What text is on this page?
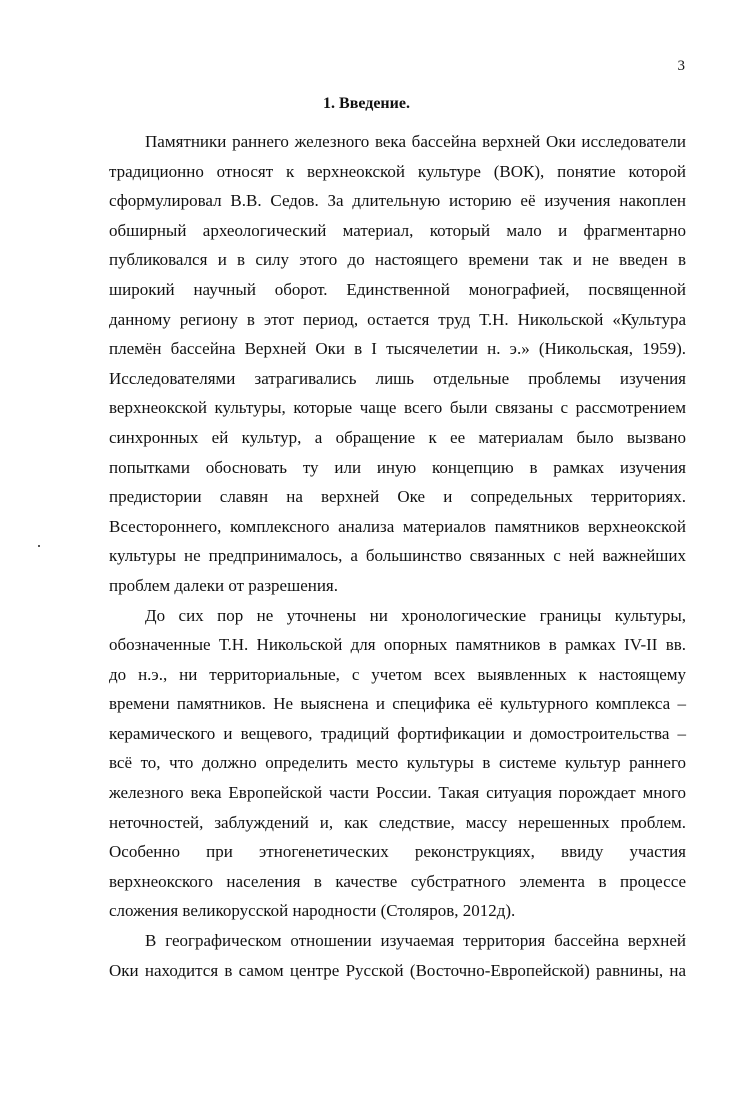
3
1. Введение.
Памятники раннего железного века бассейна верхней Оки исследователи
традиционно относят к верхнеокской культуре (ВОК), понятие которой
сформулировал В.В. Седов. За длительную историю её изучения накоплен
обширный археологический материал, который мало и фрагментарно
публиковался и в силу этого до настоящего времени так и не введен в
широкий научный оборот. Единственной монографией, посвященной
данному региону в этот период, остается труд Т.Н. Никольской «Культура
племён бассейна Верхней Оки в I тысячелетии н. э.» (Никольская, 1959).
Исследователями затрагивались лишь отдельные проблемы изучения
верхнеокской культуры, которые чаще всего были связаны с рассмотрением
синхронных ей культур, а обращение к ее материалам было вызвано
попытками обосновать ту или иную концепцию в рамках изучения
предистории славян на верхней Оке и сопредельных территориях.
Всестороннего, комплексного анализа материалов памятников верхнеокской
культуры не предпринималось, а большинство связанных с ней важнейших
проблем далеки от разрешения.
До сих пор не уточнены ни хронологические границы культуры,
обозначенные Т.Н. Никольской для опорных памятников в рамках IV-II вв.
до н.э., ни территориальные, с учетом всех выявленных к настоящему
времени памятников. Не выяснена и специфика её культурного комплекса –
керамического и вещевого, традиций фортификации и домостроительства –
всё то, что должно определить место культуры в системе культур раннего
железного века Европейской части России. Такая ситуация порождает много
неточностей, заблуждений и, как следствие, массу нерешенных проблем.
Особенно при этногенетических реконструкциях, ввиду участия
верхнеокского населения в качестве субстратного элемента в процессе
сложения великорусской народности (Столяров, 2012д).
В географическом отношении изучаемая территория бассейна верхней
Оки находится в самом центре Русской (Восточно-Европейской) равнины, на
